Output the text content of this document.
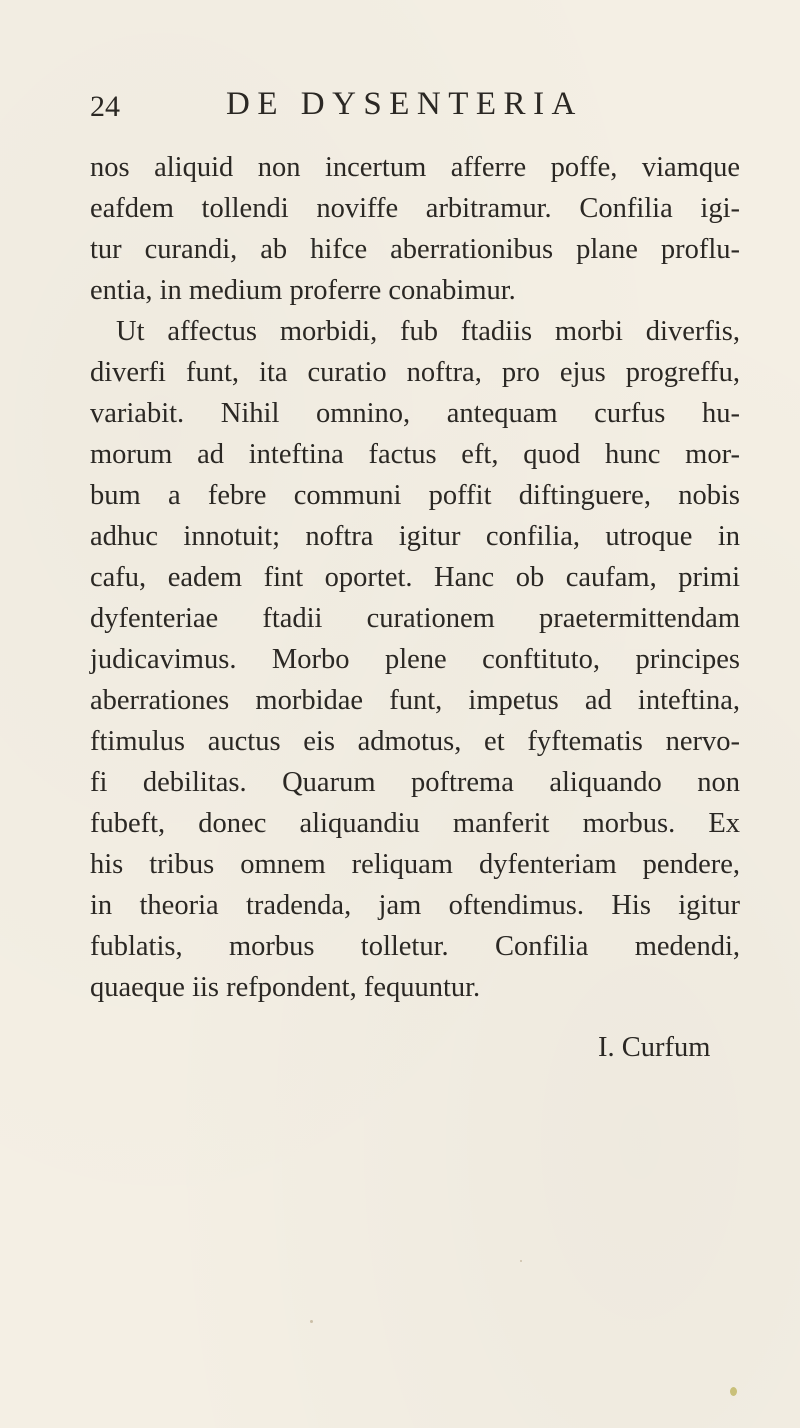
24	DE DYSENTERIA
nos aliquid non incertum afferre poffe, viamque
eafdem tollendi noviffe arbitramur. Confilia igi-
tur curandi, ab hifce aberrationibus plane proflu-
entia, in medium proferre conabimur.
Ut affectus morbidi, fub ftadiis morbi diverfis,
diverfi funt, ita curatio noftra, pro ejus progreffu,
variabit. Nihil omnino, antequam curfus hu-
morum ad inteftina factus eft, quod hunc mor-
bum a febre communi poffit diftinguere, nobis
adhuc innotuit; noftra igitur confilia, utroque in
cafu, eadem fint oportet. Hanc ob caufam, primi
dyfenteriae ftadii curationem praetermittendam
judicavimus. Morbo plene conftituto, principes
aberrationes morbidae funt, impetus ad inteftina,
ftimulus auctus eis admotus, et fyftematis nervo-
fi debilitas. Quarum poftrema aliquando non
fubeft, donec aliquandiu manferit morbus. Ex
his tribus omnem reliquam dyfenteriam pendere,
in theoria tradenda, jam oftendimus. His igitur
fublatis, morbus tolletur. Confilia medendi,
quaeque iis refpondent, fequuntur.
I. Curfum
